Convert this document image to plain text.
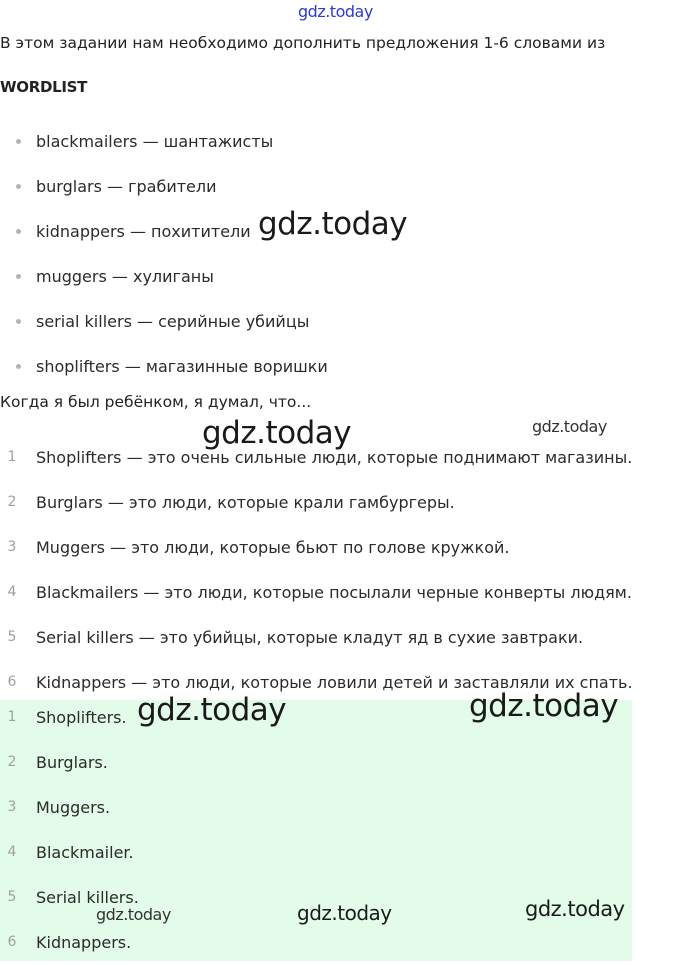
gdz.today
В этом задании нам необходимо дополнить предложения 1-6 словами из
WORDLIST
blackmailers — шантажисты
burglars — грабители
kidnappers — похитители
muggers — хулиганы
serial killers — серийные убийцы
shoplifters — магазинные воришки
Когда я был ребёнком, я думал, что...
1	Shoplifters — это очень сильные люди, которые поднимают магазины.
2	Burglars — это люди, которые крали гамбургеры.
3	Muggers — это люди, которые бьют по голове кружкой.
4	Blackmailers — это люди, которые посылали черные конверты людям.
5	Serial killers — это убийцы, которые кладут яд в сухие завтраки.
6	Kidnappers — это люди, которые ловили детей и заставляли их спать.
1	Shoplifters.
2	Burglars.
3	Muggers.
4	Blackmailer.
5	Serial killers.
6	Kidnappers.
gdz.today
gdz.today	gdz.today
gdz.today	gdz.today
gdz.today	gdz.today	gdz.today
